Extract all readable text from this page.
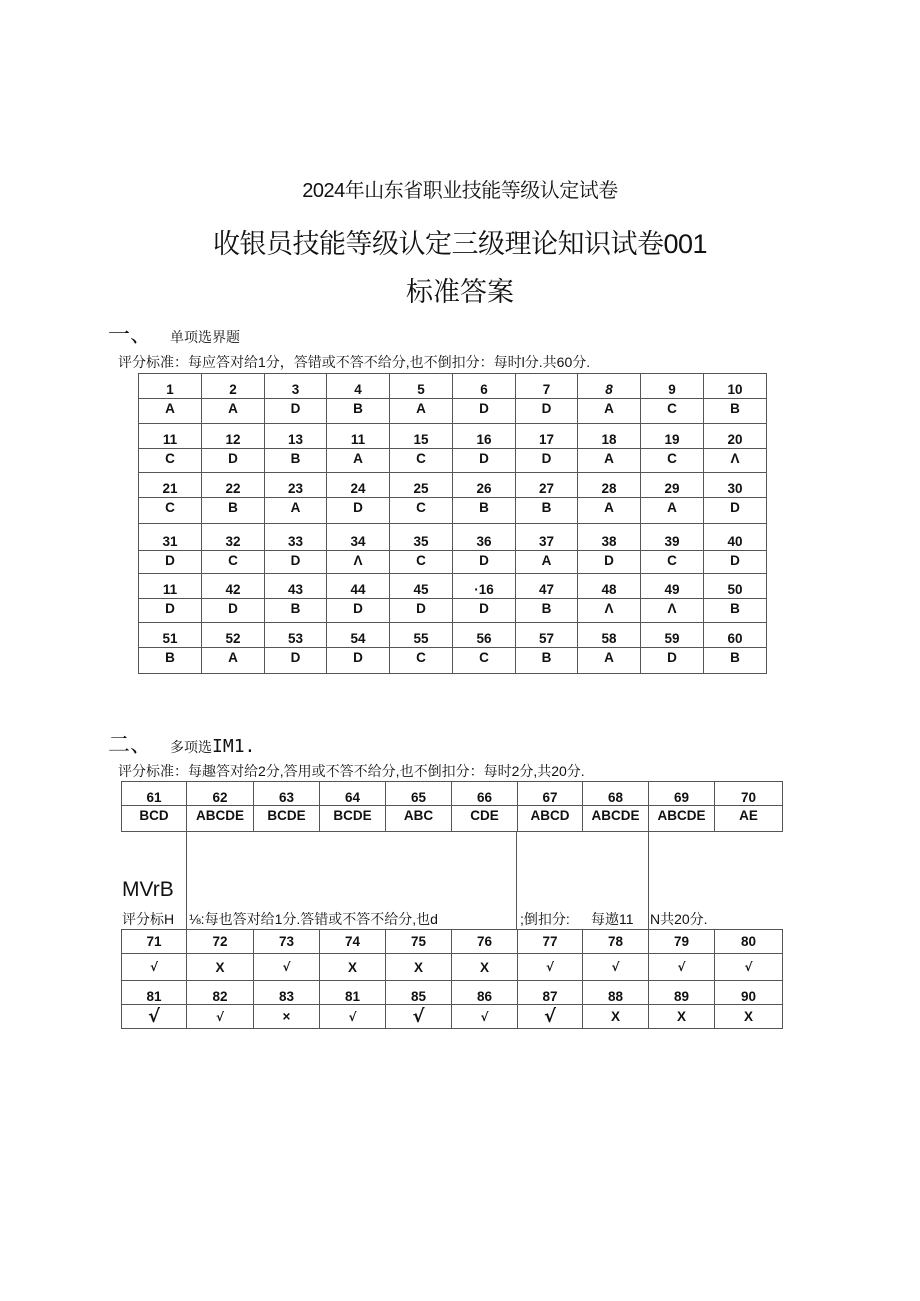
2024年山东省职业技能等级认定试卷
收银员技能等级认定三级理论知识试卷001
标准答案
一、 单项选界题
评分标准：每应答对给1分，答错或不答不给分,也不倒扣分：每时l分.共60分.
1	2	3	4	5	6	7	8	9	10
A	A	D	B	A	D	D	A	C	B
11	12	13	11	15	16	17	18	19	20
C	D	B	A	C	D	D	A	C	Λ
21	22	23	24	25	26	27	28	29	30
C	B	A	D	C	B	B	A	A	D
31	32	33	34	35	36	37	38	39	40
D	C	D	Λ	C	D	A	D	C	D
11	42	43	44	45	·16	47	48	49	50
D	D	B	D	D	D	B	Λ	Λ	B
51	52	53	54	55	56	57	58	59	60
B	A	D	D	C	C	B	A	D	B
二、 多项选IM1.
评分标准：每趣答对给2分,答用或不答不给分,也不倒扣分：每时2分,共20分.
61	62	63	64	65	66	67	68	69	70
BCD	ABCDE	BCDE	BCDE	ABC	CDE	ABCD	ABCDE	ABCDE	AE
MVrB
评分标H ⅛:每也答对给1分.答错或不答不给分,也d	;倒扣分: 每遨11 N共20分.
71	72	73	74	75	76	77	78	79	80
√	X	√	X	X	X	√	√	√	√
81	82	83	81	85	86	87	88	89	90
√	√	×	√	√	√	√	X	X	X
